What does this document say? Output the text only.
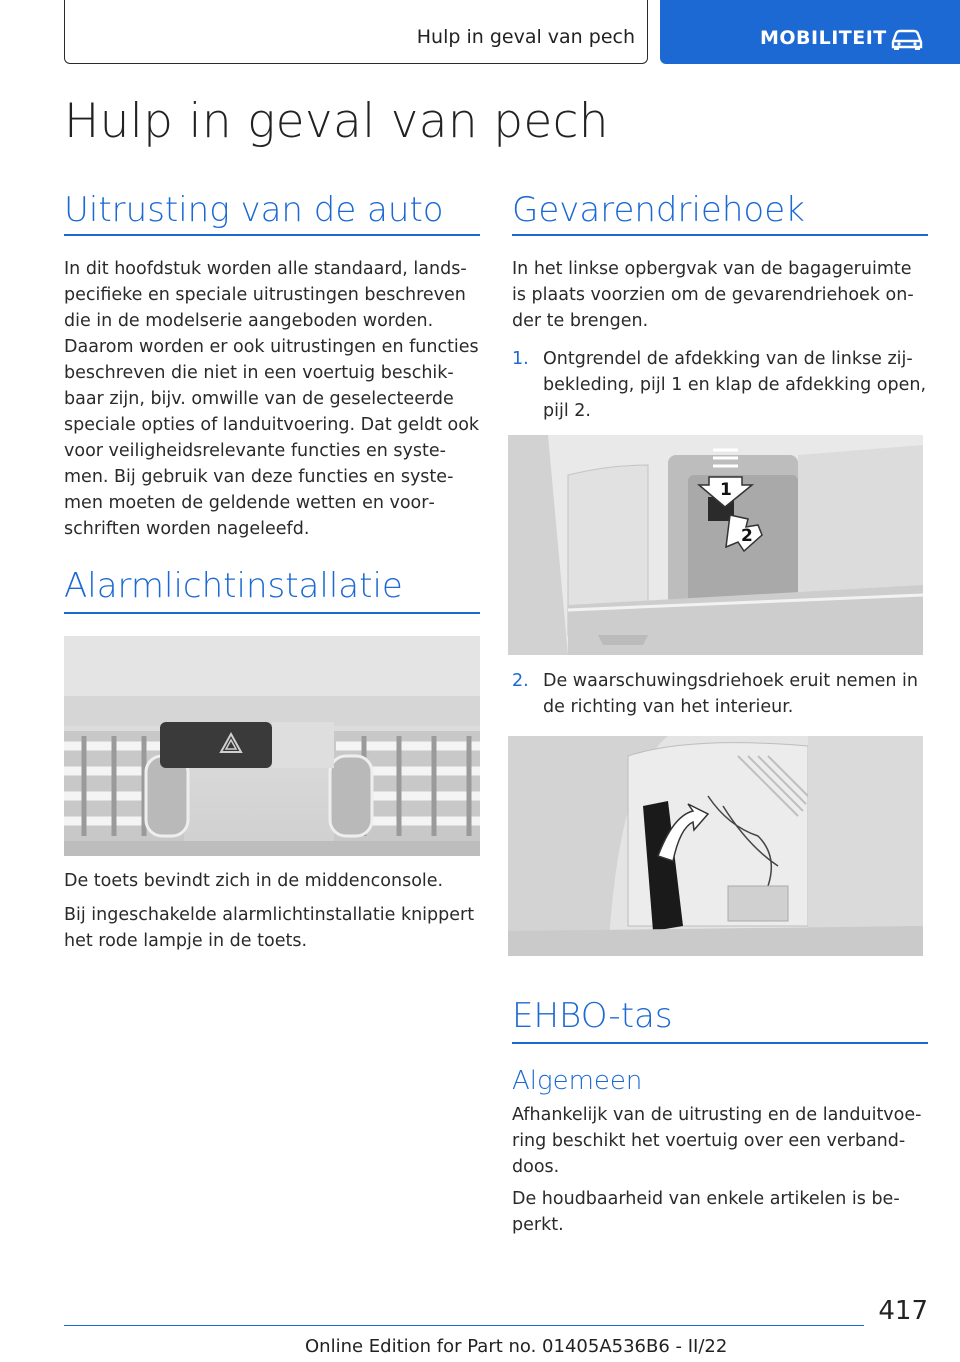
Hulp in geval van pech	MOBILITEIT
Hulp in geval van pech
Uitrusting van de auto

In dit hoofdstuk worden alle standaard, landspecifieke en speciale uitrustingen beschreven die in de modelserie aangeboden worden. Daarom worden er ook uitrustingen en functies beschreven die niet in een voertuig beschikbaar zijn, bijv. omwille van de geselecteerde speciale opties of landuitvoering. Dat geldt ook voor veiligheidsrelevante functies en systemen. Bij gebruik van deze functies en systemen moeten de geldende wetten en voorschriften worden nageleefd.

Alarmlichtinstallatie

De toets bevindt zich in de middenconsole.

Bij ingeschakelde alarmlichtinstallatie knippert het rode lampje in de toets.

Gevarendriehoek

In het linkse opbergvak van de bagageruimte is plaats voorzien om de gevarendriehoek onder te brengen.

1. Ontgrendel de afdekking van de linkse zijbekleding, pijl 1 en klap de afdekking open, pijl 2.
1
2
2. De waarschuwingsdriehoek eruit nemen in de richting van het interieur.
EHBO-tas
Algemeen

Afhankelijk van de uitrusting en de landuitvoering beschikt het voertuig over een verbanddoos.

De houdbaarheid van enkele artikelen is beperkt.

417
Online Edition for Part no. 01405A536B6 - II/22
